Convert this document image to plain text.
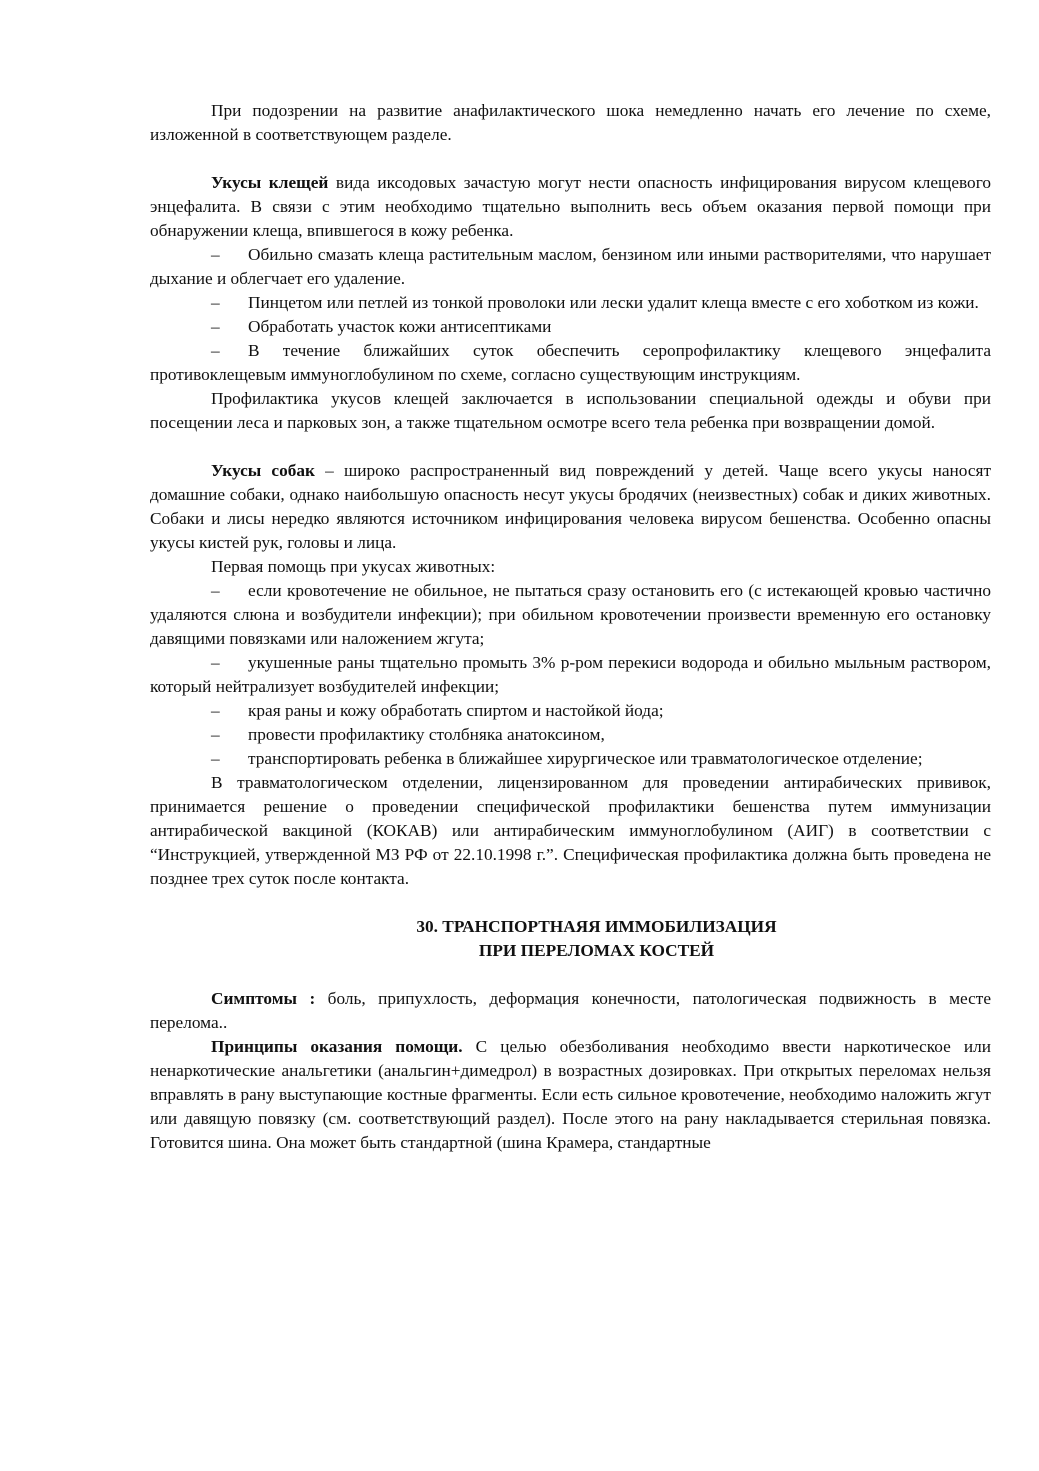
При подозрении на развитие анафилактического шока немедленно начать его лечение по схеме, изложенной в соответствующем разделе.

Укусы клещей вида иксодовых зачастую могут нести опасность инфицирования вирусом клещевого энцефалита. В связи с этим необходимо тщательно выполнить весь объем оказания первой помощи при обнаружении клеща, впившегося в кожу ребенка.

– Обильно смазать клеща растительным маслом, бензином или иными растворителями, что нарушает дыхание и облегчает его удаление.

– Пинцетом или петлей из тонкой проволоки или лески удалит клеща вместе с его хоботком из кожи.

– Обработать участок кожи антисептиками

– В течение ближайших суток обеспечить серопрофилактику клещевого энцефалита противоклещевым иммуноглобулином по схеме, согласно существующим инструкциям.

Профилактика укусов клещей заключается в использовании специальной одежды и обуви при посещении леса и парковых зон, а также тщательном осмотре всего тела ребенка при возвращении домой.

Укусы собак – широко распространенный вид повреждений у детей. Чаще всего укусы наносят домашние собаки, однако наибольшую опасность несут укусы бродячих (неизвестных) собак и диких животных. Собаки и лисы нередко являются источником инфицирования человека вирусом бешенства. Особенно опасны укусы кистей рук, головы и лица.

Первая помощь при укусах животных:

– если кровотечение не обильное, не пытаться сразу остановить его (с истекающей кровью частично удаляются слюна и возбудители инфекции); при обильном кровотечении произвести временную его остановку давящими повязками или наложением жгута;

– укушенные раны тщательно промыть 3% р-ром перекиси водорода и обильно мыльным раствором, который нейтрализует возбудителей инфекции;

– края раны и кожу обработать спиртом и настойкой йода;

– провести профилактику столбняка анатоксином,

– транспортировать ребенка в ближайшее хирургическое или травматологическое отделение;

В травматологическом отделении, лицензированном для проведении антирабических прививок, принимается решение о проведении специфической профилактики бешенства путем иммунизации антирабической вакциной (КОКАВ) или антирабическим иммуноглобулином (АИГ) в соответствии с “Инструкцией, утвержденной МЗ РФ от 22.10.1998 г.”. Специфическая профилактика должна быть проведена не позднее трех суток после контакта.

30. ТРАНСПОРТНАЯЯ ИММОБИЛИЗАЦИЯ

ПРИ ПЕРЕЛОМАХ КОСТЕЙ

Симптомы : боль, припухлость, деформация конечности, патологическая подвижность в месте перелома..

Принципы оказания помощи. С целью обезболивания необходимо ввести наркотическое или ненаркотические анальгетики (анальгин+димедрол) в возрастных дозировках. При открытых переломах нельзя вправлять в рану выступающие костные фрагменты. Если есть сильное кровотечение, необходимо наложить жгут или давящую повязку (см. соответствующий раздел). После этого на рану накладывается стерильная повязка. Готовится шина. Она может быть стандартной (шина Крамера, стандартные
